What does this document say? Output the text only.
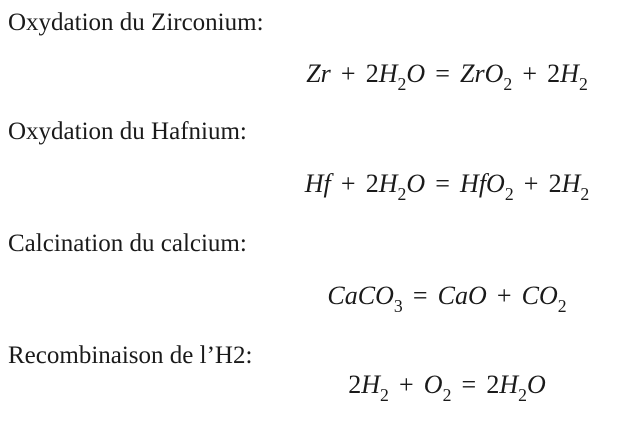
Oxydation du Zirconium:
$Zr + 2H_2O = ZrO_2 + 2H_2$
Oxydation du Hafnium:
$Hf + 2H_2O = HfO_2 + 2H_2$
Calcination du calcium:
CaCO$_3$ = CaO + $CO_2$
Recombinaison de l’H2:
$2H_2 + O_2 = 2H_2O$
